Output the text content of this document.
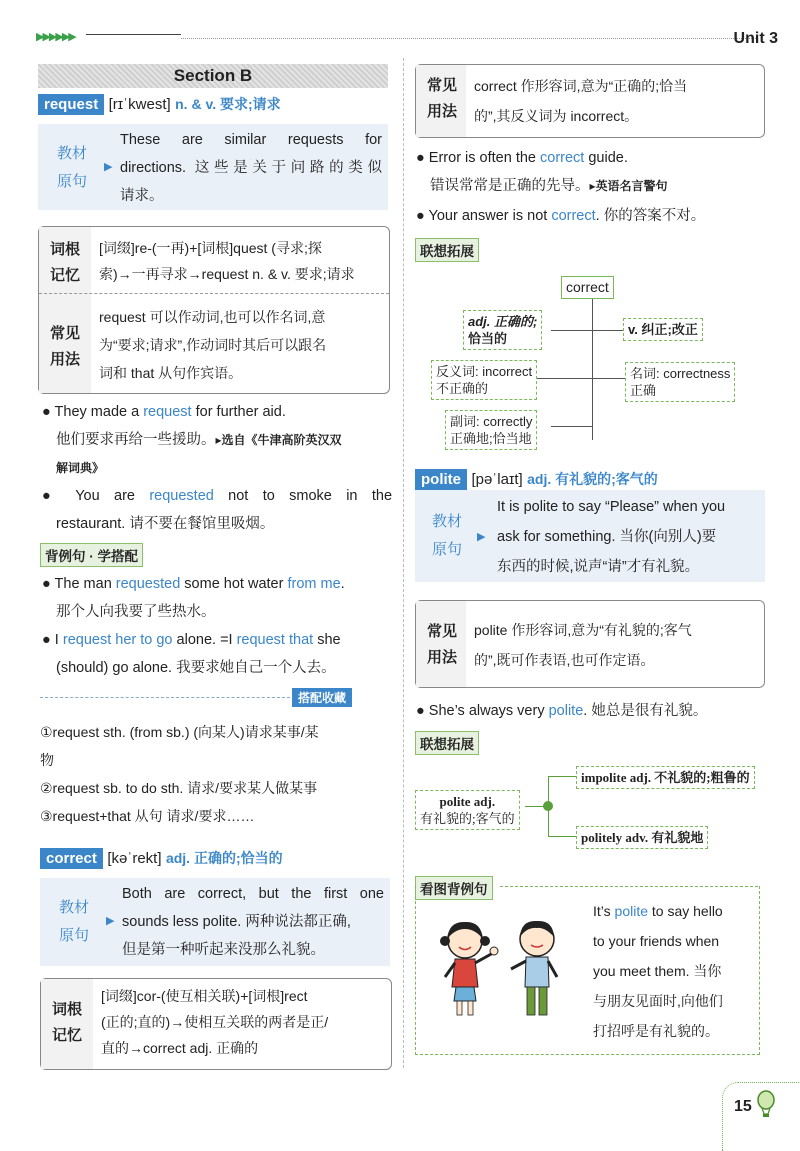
▶▶▶▶▶▶	Unit 3
Section B
request [rɪˈkwest] n. & v. 要求;请求
教材
原句
▶
These are similar requests for
directions. 这些是关于问路的类似
请求。
词根
记忆
[词缀]re-(一再)+[词根]quest (寻求;探
索)→一再寻求→request n. & v. 要求;请求
常见
用法
request 可以作动词,也可以作名词,意
为“要求;请求”,作动词时其后可以跟名
词和 that 从句作宾语。
● They made a request for further aid.
他们要求再给一些援助。▸选自《牛津高阶英汉双
解词典》
● You are requested not to smoke in the
restaurant. 请不要在餐馆里吸烟。
背例句 · 学搭配
● The man requested some hot water from me.
那个人向我要了些热水。
● I request her to go alone. =I request that she
(should) go alone. 我要求她自己一个人去。
搭配收藏
①request sth. (from sb.) (向某人)请求某事/某
物
②request sb. to do sth. 请求/要求某人做某事
③request+that 从句 请求/要求……
correct [kəˈrekt] adj. 正确的;恰当的
教材
原句
▶
Both are correct, but the first one
sounds less polite. 两种说法都正确,
但是第一种听起来没那么礼貌。
词根
记忆
[词缀]cor-(使互相关联)+[词根]rect
(正的;直的)→使相互关联的两者是正/
直的→correct adj. 正确的
常见
用法
correct 作形容词,意为“正确的;恰当
的”,其反义词为 incorrect。
● Error is often the correct guide.
错误常常是正确的先导。▸英语名言警句
● Your answer is not correct. 你的答案不对。
联想拓展
correct
adj. 正确的;
恰当的
v. 纠正;改正
反义词: incorrect
不正确的
名词: correctness
正确
副词: correctly
正确地;恰当地
polite [pəˈlaɪt] adj. 有礼貌的;客气的
教材
原句
▶
It is polite to say “Please” when you
ask for something. 当你(向别人)要
东西的时候,说声“请”才有礼貌。
常见
用法
polite 作形容词,意为“有礼貌的;客气
的”,既可作表语,也可作定语。
● She’s always very polite. 她总是很有礼貌。
联想拓展
polite adj.
有礼貌的;客气的
impolite adj. 不礼貌的;粗鲁的
politely adv. 有礼貌地
看图背例句
It’s polite to say hello
to your friends when
you meet them. 当你
与朋友见面时,向他们
打招呼是有礼貌的。
15
